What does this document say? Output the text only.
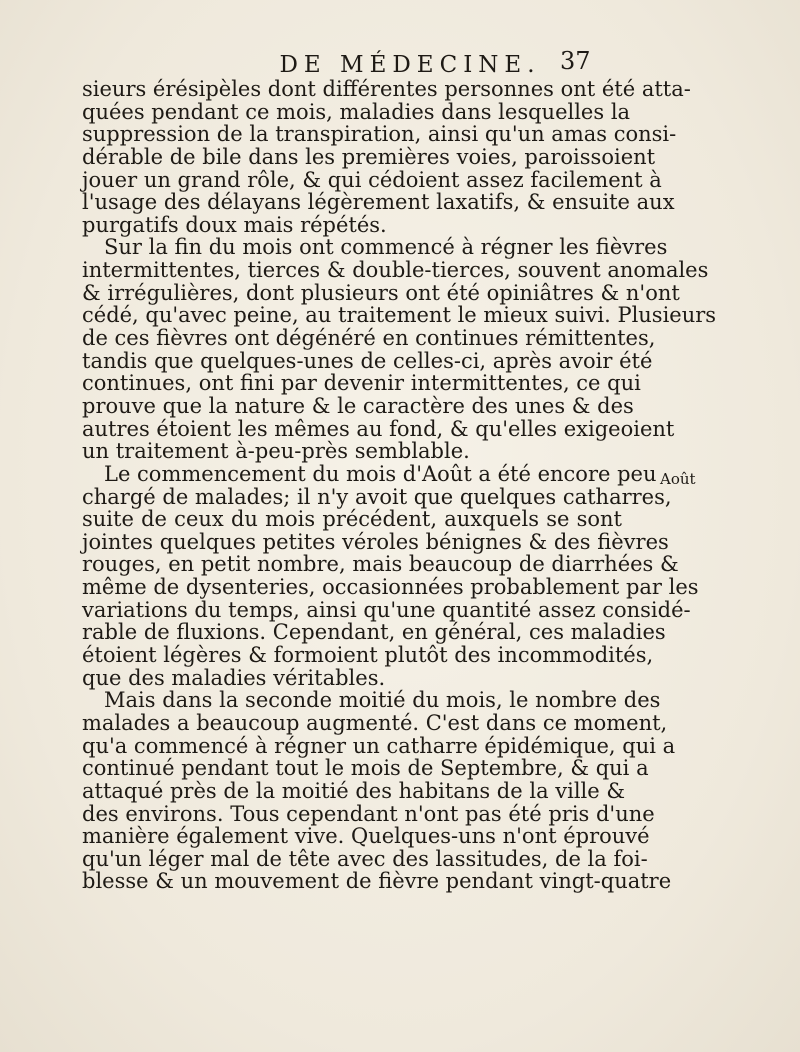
DE MÉDECINE. 37
sieurs érésipèles dont différentes personnes ont été atta-
quées pendant ce mois, maladies dans lesquelles la
suppression de la transpiration, ainsi qu'un amas consi-
dérable de bile dans les premières voies, paroissoient
jouer un grand rôle, & qui cédoient assez facilement à
l'usage des délayans légèrement laxatifs, & ensuite aux
purgatifs doux mais répétés.
Sur la fin du mois ont commencé à régner les fièvres
intermittentes, tierces & double-tierces, souvent anomales
& irrégulières, dont plusieurs ont été opiniâtres & n'ont
cédé, qu'avec peine, au traitement le mieux suivi. Plusieurs
de ces fièvres ont dégénéré en continues rémittentes,
tandis que quelques-unes de celles-ci, après avoir été
continues, ont fini par devenir intermittentes, ce qui
prouve que la nature & le caractère des unes & des
autres étoient les mêmes au fond, & qu'elles exigeoient
un traitement à-peu-près semblable.
Le commencement du mois d'Août a été encore peu
chargé de malades; il n'y avoit que quelques catharres,
suite de ceux du mois précédent, auxquels se sont
jointes quelques petites véroles bénignes & des fièvres
rouges, en petit nombre, mais beaucoup de diarrhées &
même de dysenteries, occasionnées probablement par les
variations du temps, ainsi qu'une quantité assez considé-
rable de fluxions. Cependant, en général, ces maladies
étoient légères & formoient plutôt des incommodités,
que des maladies véritables.
Mais dans la seconde moitié du mois, le nombre des
malades a beaucoup augmenté. C'est dans ce moment,
qu'a commencé à régner un catharre épidémique, qui a
continué pendant tout le mois de Septembre, & qui a
attaqué près de la moitié des habitans de la ville &
des environs. Tous cependant n'ont pas été pris d'une
manière également vive. Quelques-uns n'ont éprouvé
qu'un léger mal de tête avec des lassitudes, de la foi-
blesse & un mouvement de fièvre pendant vingt-quatre
Août
